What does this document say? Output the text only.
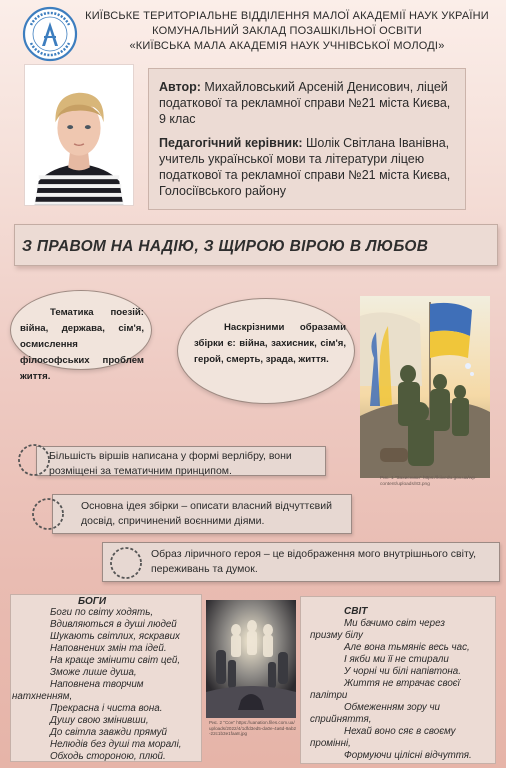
КИЇВСЬКЕ ТЕРИТОРІАЛЬНЕ ВІДДІЛЕННЯ МАЛОЇ АКАДЕМІЇ НАУК УКРАЇНИ
КОМУНАЛЬНИЙ ЗАКЛАД ПОЗАШКІЛЬНОЇ ОСВІТИ
«КИЇВСЬКА МАЛА АКАДЕМІЯ НАУК УЧНІВСЬКОЇ МОЛОДІ»

Автор: Михайловський Арсеній Денисович, ліцей податкової та рекламної справи №21 міста Києва, 9 клас

Педагогічний керівник: Шолік Світлана Іванівна, учитель української мови та літератури ліцею податкової та рекламної справи №21 міста Києва, Голосіївського району

З ПРАВОМ НА НАДІЮ, З ЩИРОЮ ВІРОЮ В ЛЮБОВ
Тематика поезій: війна, держава, сім'я, осмислення філософських проблем життя.
Наскрізними образами збірки є: війна, захисник, сім'я, герой, смерть, зрада, життя.
Рис. 1 "Захисники" https://kiivedu.gov.ua/wp-content/uploads/83.png
Більшість віршів написана у формі верлібру, вони розміщені за тематичним принципом.
Основна ідея збірки – описати власний відчуттєвий досвід, спричинений воєнними діями.
Образ ліричного героя – це відображення мого внутрішнього світу, переживань та думок.
БОГИ
Боги по світу ходять,
Вдивляються в душі людей
Шукають світлих, яскравих
Наповнених змін та ідей.
На краще змінити світ цей,
Зможе лише душа,
Наповнена творчим
натхненням,
Прекрасна і чиста вона.
Душу свою змінивши,
До світла завжди прямуй
Нелюдів без душі та моралі,
Обходь стороною, плюй.
Рис. 2 "Сон" https://uanation.files.com.ua/uploads/2022/4/1dfd3ed5-da0e-4a6d-9ab2-22c1b3e1faa8.jpg
СВІТ
Ми бачимо світ через
призму білу
Але вона тьмяніє весь час,
І якби ми її не стирали
У чорні чи білі напівтона.
Життя не втрачає своєї
палітри
Обмеженням зору чи
сприйняття,
Нехай воно сяє в своєму
промінні,
Формуючи цілісні відчуття.
